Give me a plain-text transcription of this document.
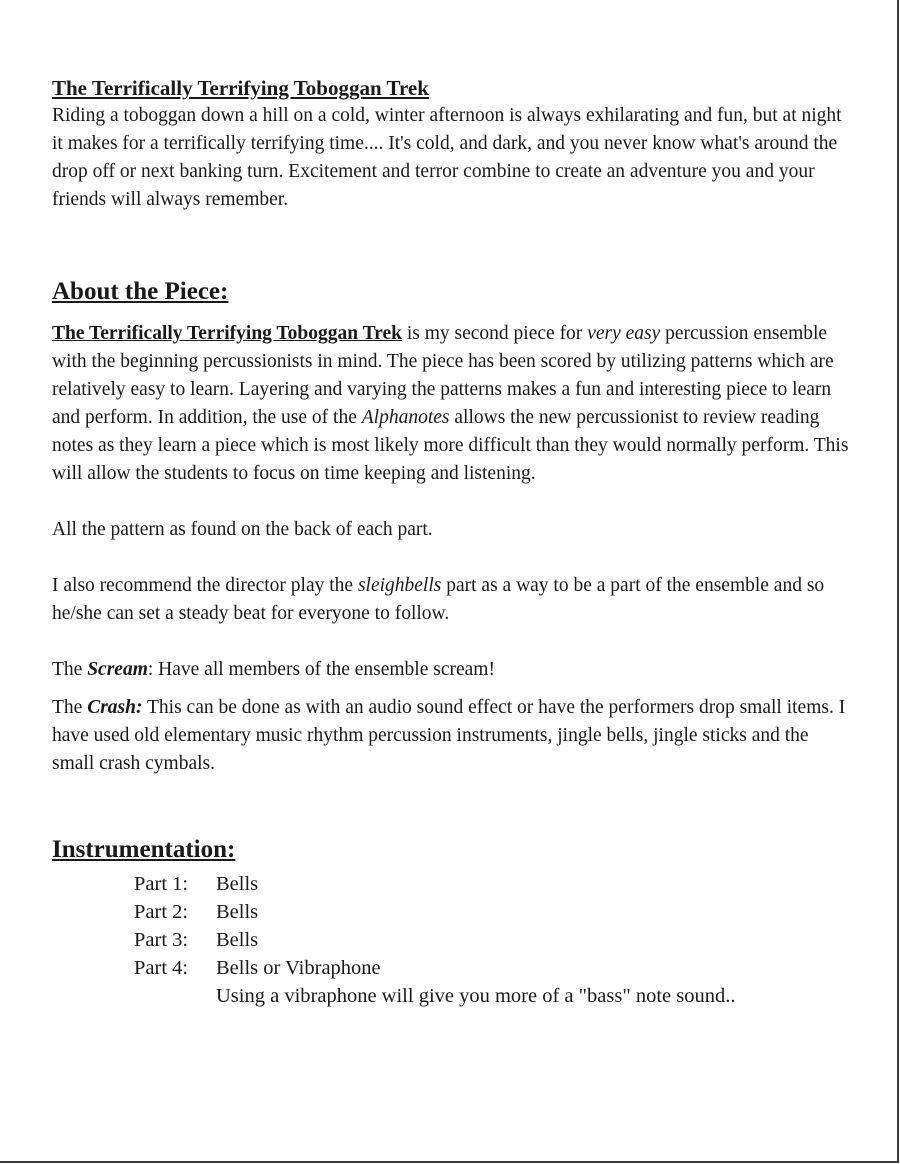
The Terrifically Terrifying Toboggan Trek

Riding a toboggan down a hill on a cold, winter afternoon is always exhilarating and fun, but at night it makes for a terrifically terrifying time.... It's cold, and dark, and you never know what's around the drop off or next banking turn. Excitement and terror combine to create an adventure you and your friends will always remember.

About the Piece:

The Terrifically Terrifying Toboggan Trek is my second piece for very easy percussion ensemble with the beginning percussionists in mind. The piece has been scored by utilizing patterns which are relatively easy to learn. Layering and varying the patterns makes a fun and interesting piece to learn and perform. In addition, the use of the Alphanotes allows the new percussionist to review reading notes as they learn a piece which is most likely more difficult than they would normally perform. This will allow the students to focus on time keeping and listening.

All the pattern as found on the back of each part.

I also recommend the director play the sleighbells part as a way to be a part of the ensemble and so he/she can set a steady beat for everyone to follow.

The Scream: Have all members of the ensemble scream!

The Crash: This can be done as with an audio sound effect or have the performers drop small items. I have used old elementary music rhythm percussion instruments, jingle bells, jingle sticks and the small crash cymbals.

Instrumentation:

Part 1:	Bells
Part 2:	Bells
Part 3:	Bells
Part 4:	Bells or Vibraphone
Using a vibraphone will give you more of a "bass" note sound..
